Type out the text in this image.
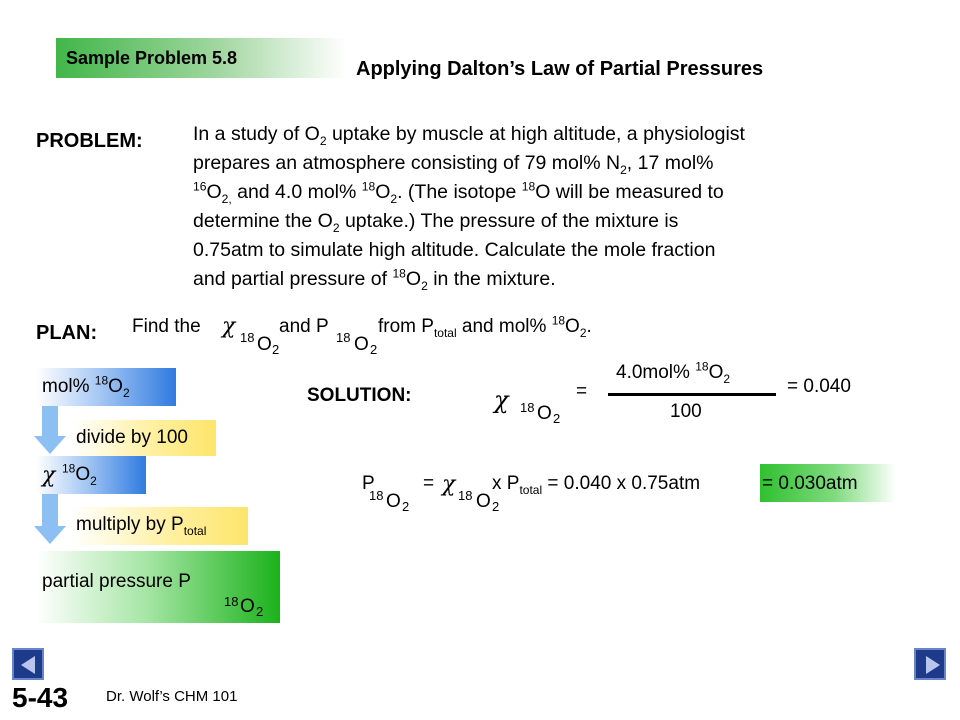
Sample Problem 5.8	Applying Dalton’s Law of Partial Pressures
PROBLEM:	In a study of $O_2$ uptake by muscle at high altitude, a physiologist
prepares an atmosphere consisting of 79 mol% $N_2$, 17 mol%
$^{16}O_{2,}$ and 4.0 mol% $^{18}O_2$. (The isotope $^{18}$O will be measured to
determine the $O_2$ uptake.) The pressure of the mixture is
0.75atm to simulate high altitude. Calculate the mole fraction
and partial pressure of $^{18}O_2$ in the mixture.
PLAN: Find the χ 18 O 2
and P
18 O 2
from $P_{total}$ and mol% $^{18}O_2$.
mol% $^{18}O_2$
divide by 100
χ $^{18}O_2$
multiply by $P_{total}$
partial pressure P
18 O 2
SOLUTION:	χ 18 O 2
=
4.0mol% $^{18}O_2$
100
= 0.040
P
18 O 2
= χ 18 O 2
x $P_{total} = 0.040$ x 0.75atm	= 0.030atm
5-43	Dr. Wolf’s CHM 101
